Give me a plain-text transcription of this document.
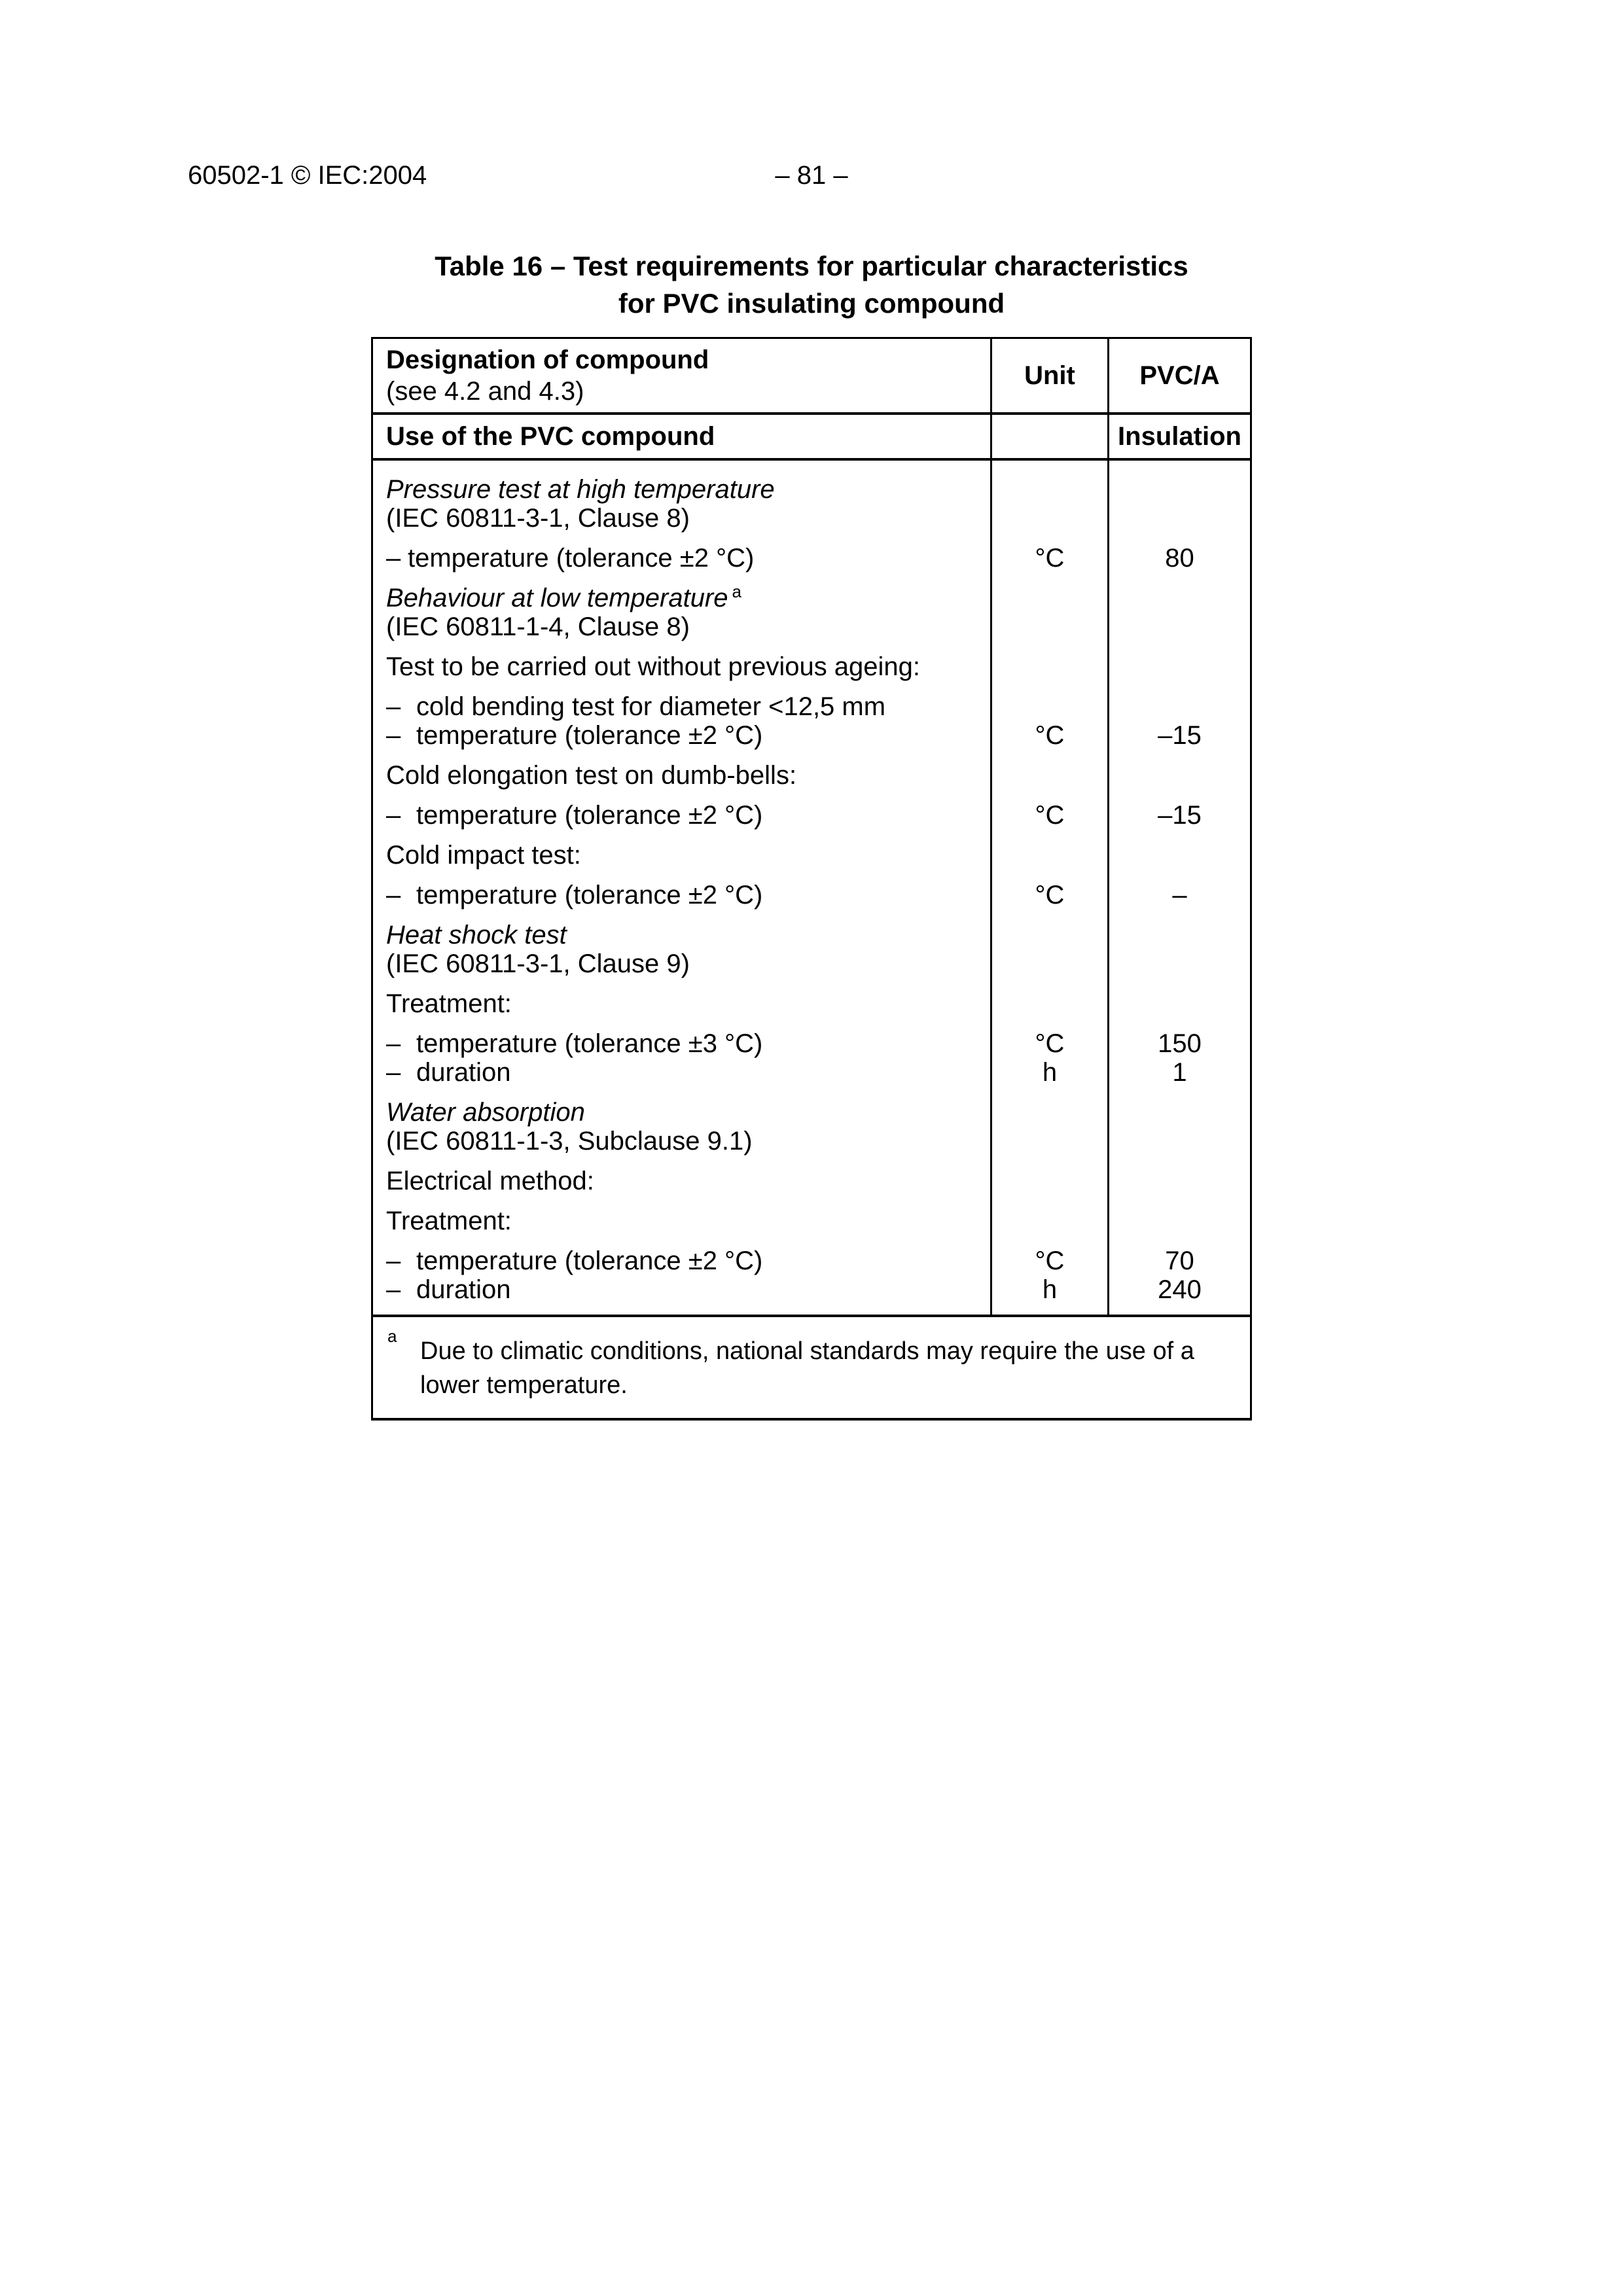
– 81 –
60502-1 © IEC:2004
Table 16 – Test requirements for particular characteristics
for PVC insulating compound
Designation of compound
(see 4.2 and 4.3)
Unit	PVC/A
Use of the PVC compound	Insulation
Pressure test at high temperature
(IEC 60811-3-1, Clause 8)
– temperature (tolerance ±2 °C)
Behaviour at low temperature $^a$
(IEC 60811-1-4, Clause 8)
Test to be carried out without previous ageing:
– cold bending test for diameter <12,5 mm
– temperature (tolerance ±2 °C)
Cold elongation test on dumb-bells:
– temperature (tolerance ±2 °C)
Cold impact test:
– temperature (tolerance ±2 °C)
Heat shock test
(IEC 60811-3-1, Clause 9)
Treatment:
– temperature (tolerance ±3 °C)
– duration
Water absorption
(IEC 60811-1-3, Subclause 9.1)
Electrical method:
Treatment:
– temperature (tolerance ±2 °C)
– duration

°C

°C

°C

°C

°C
h

°C
h

80

–15

–15

–

150
1

70
240
a
Due to climatic conditions, national standards may require the use of a lower temperature.
